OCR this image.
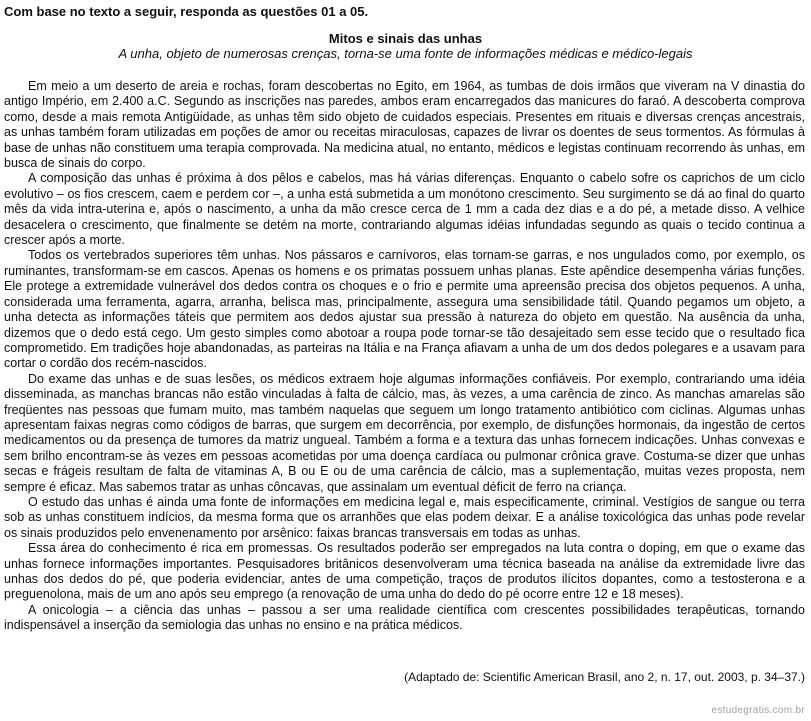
Com base no texto a seguir, responda as questões 01 a 05.
Mitos e sinais das unhas
A unha, objeto de numerosas crenças, torna-se uma fonte de informações médicas e médico-legais

Em meio a um deserto de areia e rochas, foram descobertas no Egito, em 1964, as tumbas de dois irmãos que viveram na V dinastia do antigo Império, em 2.400 a.C. Segundo as inscrições nas paredes, ambos eram encarregados das manicures do faraó. A descoberta comprova como, desde a mais remota Antigüidade, as unhas têm sido objeto de cuidados especiais. Presentes em rituais e diversas crenças ancestrais, as unhas também foram utilizadas em poções de amor ou receitas miraculosas, capazes de livrar os doentes de seus tormentos. As fórmulas à base de unhas não constituem uma terapia comprovada. Na medicina atual, no entanto, médicos e legistas continuam recorrendo às unhas, em busca de sinais do corpo.

A composição das unhas é próxima à dos pêlos e cabelos, mas há várias diferenças. Enquanto o cabelo sofre os caprichos de um ciclo evolutivo – os fios crescem, caem e perdem cor –, a unha está submetida a um monótono crescimento. Seu surgimento se dá ao final do quarto mês da vida intra-uterina e, após o nascimento, a unha da mão cresce cerca de 1 mm a cada dez dias e a do pé, a metade disso. A velhice desacelera o crescimento, que finalmente se detém na morte, contrariando algumas idéias infundadas segundo as quais o tecido continua a crescer após a morte.

Todos os vertebrados superiores têm unhas. Nos pássaros e carnívoros, elas tornam-se garras, e nos ungulados como, por exemplo, os ruminantes, transformam-se em cascos. Apenas os homens e os primatas possuem unhas planas. Este apêndice desempenha várias funções. Ele protege a extremidade vulnerável dos dedos contra os choques e o frio e permite uma apreensão precisa dos objetos pequenos. A unha, considerada uma ferramenta, agarra, arranha, belisca mas, principalmente, assegura uma sensibilidade tátil. Quando pegamos um objeto, a unha detecta as informações táteis que permitem aos dedos ajustar sua pressão à natureza do objeto em questão. Na ausência da unha, dizemos que o dedo está cego. Um gesto simples como abotoar a roupa pode tornar-se tão desajeitado sem esse tecido que o resultado fica comprometido. Em tradições hoje abandonadas, as parteiras na Itália e na França afiavam a unha de um dos dedos polegares e a usavam para cortar o cordão dos recém-nascidos.

Do exame das unhas e de suas lesões, os médicos extraem hoje algumas informações confiáveis. Por exemplo, contrariando uma idéia disseminada, as manchas brancas não estão vinculadas à falta de cálcio, mas, às vezes, a uma carência de zinco. As manchas amarelas são freqüentes nas pessoas que fumam muito, mas também naquelas que seguem um longo tratamento antibiótico com ciclinas. Algumas unhas apresentam faixas negras como códigos de barras, que surgem em decorrência, por exemplo, de disfunções hormonais, da ingestão de certos medicamentos ou da presença de tumores da matriz ungueal. Também a forma e a textura das unhas fornecem indicações. Unhas convexas e sem brilho encontram-se às vezes em pessoas acometidas por uma doença cardíaca ou pulmonar crônica grave. Costuma-se dizer que unhas secas e frágeis resultam de falta de vitaminas A, B ou E ou de uma carência de cálcio, mas a suplementação, muitas vezes proposta, nem sempre é eficaz. Mas sabemos tratar as unhas côncavas, que assinalam um eventual déficit de ferro na criança.

O estudo das unhas é ainda uma fonte de informações em medicina legal e, mais especificamente, criminal. Vestígios de sangue ou terra sob as unhas constituem indícios, da mesma forma que os arranhões que elas podem deixar. E a análise toxicológica das unhas pode revelar os sinais produzidos pelo envenenamento por arsênico: faixas brancas transversais em todas as unhas.

Essa área do conhecimento é rica em promessas. Os resultados poderão ser empregados na luta contra o doping, em que o exame das unhas fornece informações importantes. Pesquisadores britânicos desenvolveram uma técnica baseada na análise da extremidade livre das unhas dos dedos do pé, que poderia evidenciar, antes de uma competição, traços de produtos ilícitos dopantes, como a testosterona e a preguenolona, mais de um ano após seu emprego (a renovação de uma unha do dedo do pé ocorre entre 12 e 18 meses).

A onicologia – a ciência das unhas – passou a ser uma realidade científica com crescentes possibilidades terapêuticas, tornando indispensável a inserção da semiologia das unhas no ensino e na prática médicos.

(Adaptado de: Scientific American Brasil, ano 2, n. 17, out. 2003, p. 34–37.)
estudegratis.com.br
